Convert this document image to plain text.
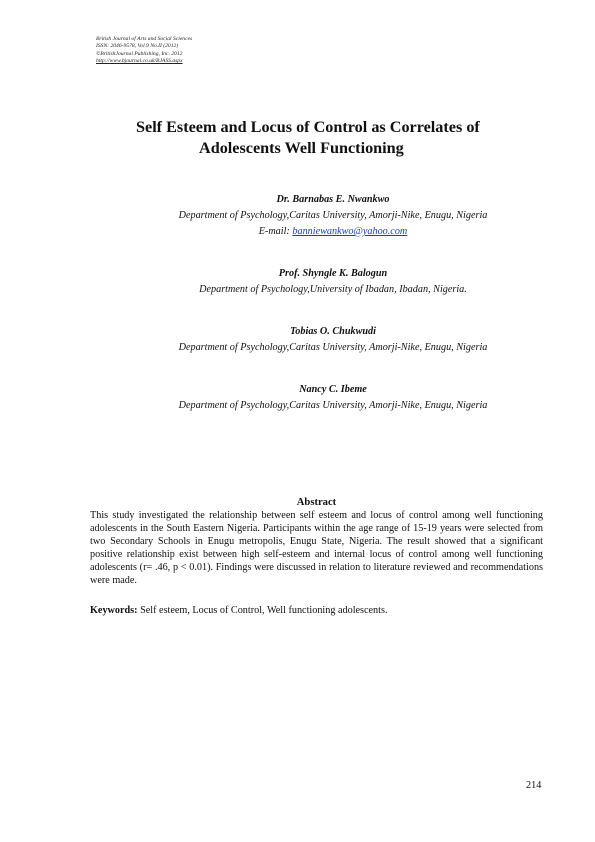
British Journal of Arts and Social Sciences
ISSN: 2046-9578, Vol.9 No.II (2012)
©BritishJournal Publishing, Inc. 2012
http://www.bjournal.co.uk/BJASS.aspx
Self Esteem and Locus of Control as Correlates of
Adolescents Well Functioning
Dr. Barnabas E. Nwankwo
Department of Psychology,Caritas University, Amorji-Nike, Enugu, Nigeria
E-mail: banniewankwo@yahoo.com
Prof. Shyngle K. Balogun
Department of Psychology,University of Ibadan, Ibadan, Nigeria.
Tobias O. Chukwudi
Department of Psychology,Caritas University, Amorji-Nike, Enugu, Nigeria
Nancy C. Ibeme
Department of Psychology,Caritas University, Amorji-Nike, Enugu, Nigeria

Abstract

This study investigated the relationship between self esteem and locus of control among well functioning adolescents in the South Eastern Nigeria. Participants within the age range of 15-19 years were selected from two Secondary Schools in Enugu metropolis, Enugu State, Nigeria. The result showed that a significant positive relationship exist between high self-esteem and internal locus of control among well functioning adolescents (r= .46, p < 0.01). Findings were discussed in relation to literature reviewed and recommendations were made.

Keywords: Self esteem, Locus of Control, Well functioning adolescents.

214
